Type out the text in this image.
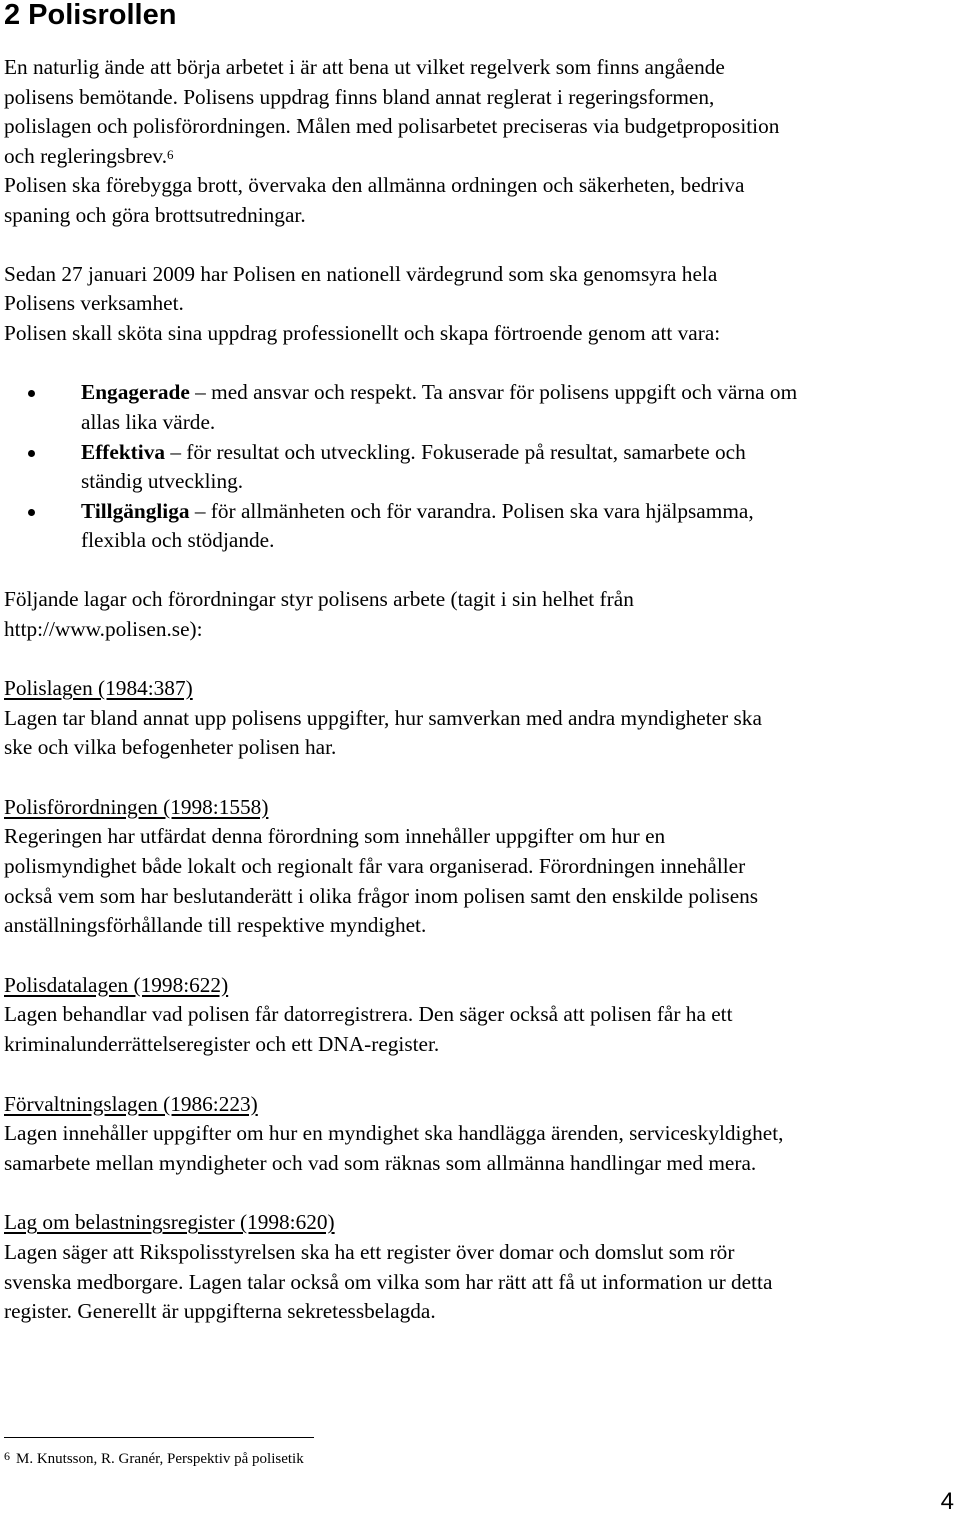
2 Polisrollen
En naturlig ände att börja arbetet i är att bena ut vilket regelverk som finns angående
polisens bemötande. Polisens uppdrag finns bland annat reglerat i regeringsformen,
polislagen och polisförordningen. Målen med polisarbetet preciseras via budgetproposition
och regleringsbrev.$^6$
Polisen ska förebygga brott, övervaka den allmänna ordningen och säkerheten, bedriva
spaning och göra brottsutredningar.
Sedan 27 januari 2009 har Polisen en nationell värdegrund som ska genomsyra hela
Polisens verksamhet.
Polisen skall sköta sina uppdrag professionellt och skapa förtroende genom att vara:
Engagerade – med ansvar och respekt. Ta ansvar för polisens uppgift och värna om
allas lika värde.
Effektiva – för resultat och utveckling. Fokuserade på resultat, samarbete och
ständig utveckling.
Tillgängliga – för allmänheten och för varandra. Polisen ska vara hjälpsamma,
flexibla och stödjande.
Följande lagar och förordningar styr polisens arbete (tagit i sin helhet från
http://www.polisen.se):
Polislagen (1984:387)
Lagen tar bland annat upp polisens uppgifter, hur samverkan med andra myndigheter ska
ske och vilka befogenheter polisen har.
Polisförordningen (1998:1558)
Regeringen har utfärdat denna förordning som innehåller uppgifter om hur en
polismyndighet både lokalt och regionalt får vara organiserad. Förordningen innehåller
också vem som har beslutanderätt i olika frågor inom polisen samt den enskilde polisens
anställningsförhållande till respektive myndighet.
Polisdatalagen (1998:622)
Lagen behandlar vad polisen får datorregistrera. Den säger också att polisen får ha ett
kriminalunderrättelseregister och ett DNA-register.
Förvaltningslagen (1986:223)
Lagen innehåller uppgifter om hur en myndighet ska handlägga ärenden, serviceskyldighet,
samarbete mellan myndigheter och vad som räknas som allmänna handlingar med mera.
Lag om belastningsregister (1998:620)
Lagen säger att Rikspolisstyrelsen ska ha ett register över domar och domslut som rör
svenska medborgare. Lagen talar också om vilka som har rätt att få ut information ur detta
register. Generellt är uppgifterna sekretessbelagda.
$^6$ M. Knutsson, R. Granér, Perspektiv på polisetik
4
